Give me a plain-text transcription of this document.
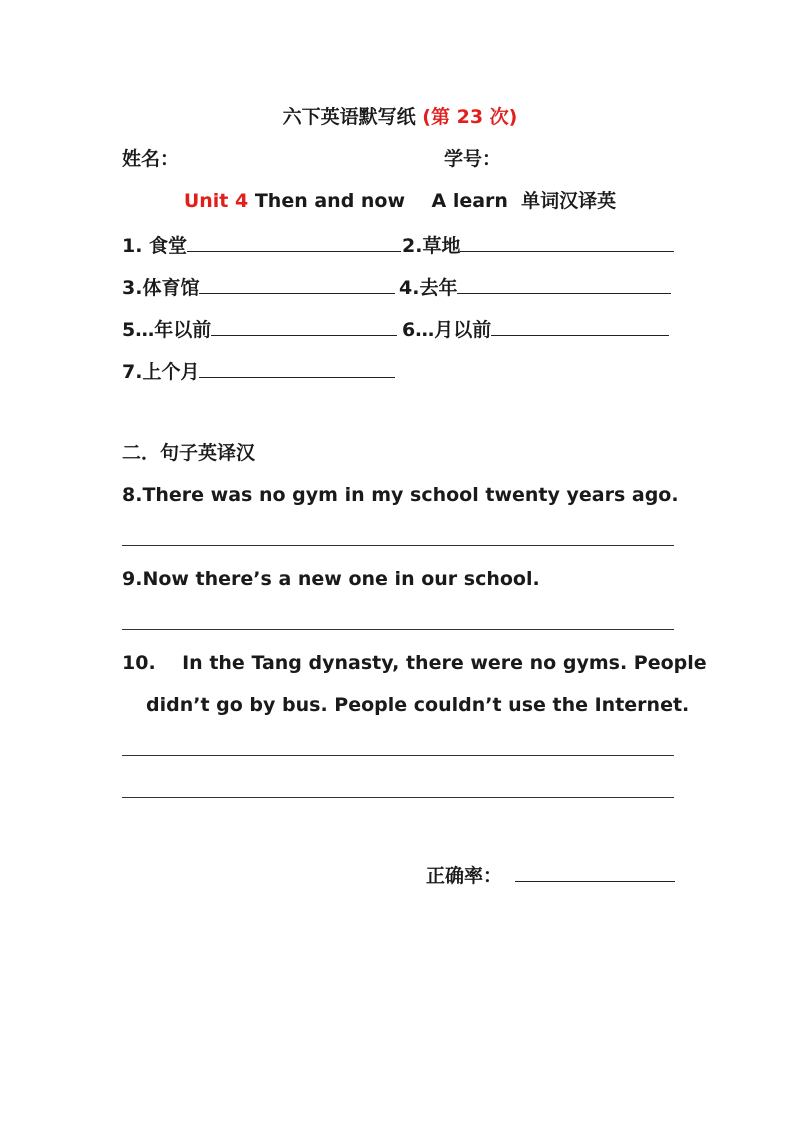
六下英语默写纸 (第 23 次)
姓名：	学号：
Unit 4 Then and now    A learn  单词汉译英
1. 食堂	2.草地
3.体育馆	4.去年
5…年以前	6…月以前
7.上个月
二．句子英译汉
8.There was no gym in my school twenty years ago.
9.Now there’s a new one in our school.
10.    In the Tang dynasty, there were no gyms. People
didn’t go by bus. People couldn’t use the Internet.
正确率：
